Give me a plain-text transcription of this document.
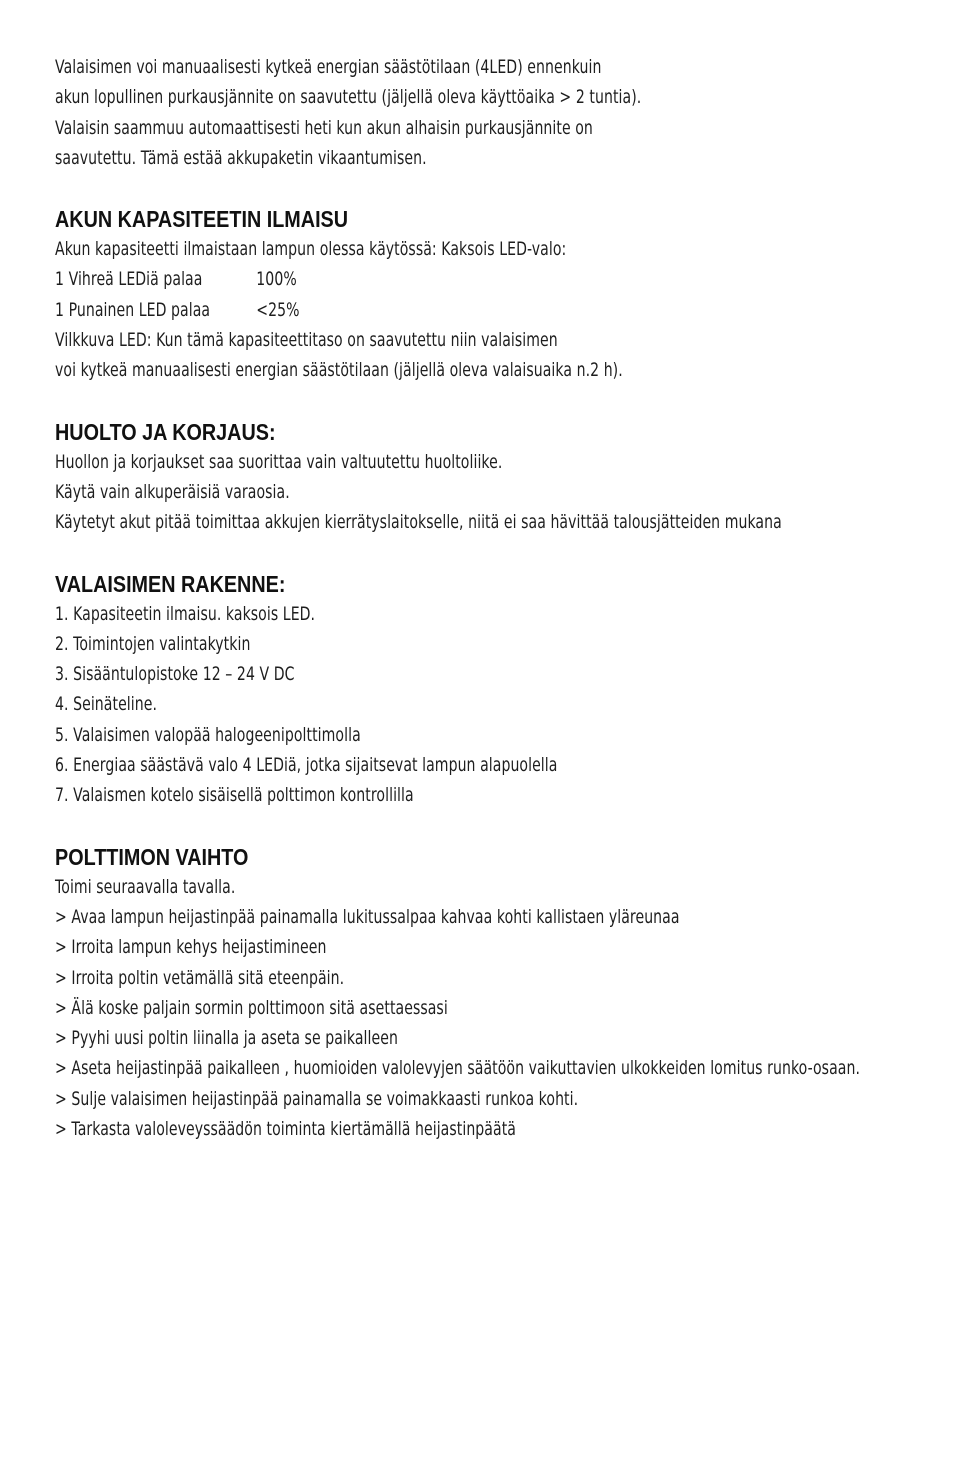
Valaisimen voi manuaalisesti kytkeä energian säästötilaan (4LED) ennenkuin
akun lopullinen purkausjännite on saavutettu (jäljellä oleva käyttöaika > 2 tuntia).
Valaisin saammuu automaattisesti heti kun akun alhaisin purkausjännite on
saavutettu. Tämä estää akkupaketin vikaantumisen.
AKUN KAPASITEETIN ILMAISU
Akun kapasiteetti ilmaistaan lampun olessa käytössä: Kaksois LED-valo:
1 Vihreä LEDiä palaa	100%
1 Punainen LED palaa <25%
Vilkkuva LED: Kun tämä kapasiteettitaso on saavutettu niin valaisimen
voi kytkeä manuaalisesti energian säästötilaan (jäljellä oleva valaisuaika n.2 h).
HUOLTO JA KORJAUS:
Huollon ja korjaukset saa suorittaa vain valtuutettu huoltoliike.
Käytä vain alkuperäisiä varaosia.
Käytetyt akut pitää toimittaa akkujen kierrätyslaitokselle, niitä ei saa hävittää talousjätteiden mukana
VALAISIMEN RAKENNE:
1. Kapasiteetin ilmaisu. kaksois LED.
2. Toimintojen valintakytkin
3. Sisääntulopistoke 12 – 24 V DC
4. Seinäteline.
5. Valaisimen valopää halogeenipolttimolla
6. Energiaa säästävä valo 4 LEDiä, jotka sijaitsevat lampun alapuolella
7. Valaismen kotelo sisäisellä polttimon kontrollilla
POLTTIMON VAIHTO
Toimi seuraavalla tavalla.
> Avaa lampun heijastinpää painamalla lukitussalpaa kahvaa kohti kallistaen yläreunaa
> Irroita lampun kehys heijastimineen
> Irroita poltin vetämällä sitä eteenpäin.
> Älä koske paljain sormin polttimoon sitä asettaessasi
> Pyyhi uusi poltin liinalla ja aseta se paikalleen
> Aseta heijastinpää paikalleen , huomioiden valolevyjen säätöön vaikuttavien ulkokkeiden lomitus runko-osaan.
> Sulje valaisimen heijastinpää painamalla se voimakkaasti runkoa kohti.
> Tarkasta valoleveyssäädön toiminta kiertämällä heijastinpäätä
